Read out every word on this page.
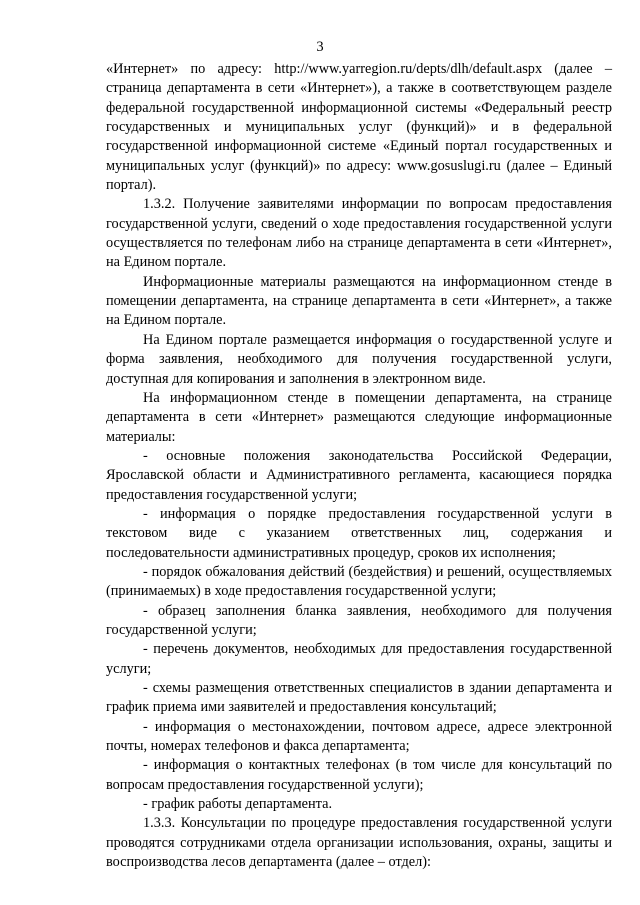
3

«Интернет» по адресу: http://www.yarregion.ru/depts/dlh/default.aspx (далее – страница департамента в сети «Интернет»), а также в соответствующем разделе федеральной государственной информационной системы «Федеральный реестр государственных и муниципальных услуг (функций)» и в федеральной государственной информационной системе «Единый портал государственных и муниципальных услуг (функций)» по адресу: www.gosuslugi.ru (далее – Единый портал).

1.3.2. Получение заявителями информации по вопросам предоставления государственной услуги, сведений о ходе предоставления государственной услуги осуществляется по телефонам либо на странице департамента в сети «Интернет», на Едином портале.

Информационные материалы размещаются на информационном стенде в помещении департамента, на странице департамента в сети «Интернет», а также на Едином портале.

На Едином портале размещается информация о государственной услуге и форма заявления, необходимого для получения государственной услуги, доступная для копирования и заполнения в электронном виде.

На информационном стенде в помещении департамента, на странице департамента в сети «Интернет» размещаются следующие информационные материалы:

- основные положения законодательства Российской Федерации, Ярославской области и Административного регламента, касающиеся порядка предоставления государственной услуги;

- информация о порядке предоставления государственной услуги в текстовом виде с указанием ответственных лиц, содержания и последовательности административных процедур, сроков их исполнения;

- порядок обжалования действий (бездействия) и решений, осуществляемых (принимаемых) в ходе предоставления государственной услуги;

- образец заполнения бланка заявления, необходимого для получения государственной услуги;

- перечень документов, необходимых для предоставления государственной услуги;

- схемы размещения ответственных специалистов в здании департамента и график приема ими заявителей и предоставления консультаций;

- информация о местонахождении, почтовом адресе, адресе электронной почты, номерах телефонов и факса департамента;

- информация о контактных телефонах (в том числе для консультаций по вопросам предоставления государственной услуги);

- график работы департамента.

1.3.3. Консультации по процедуре предоставления государственной услуги проводятся сотрудниками отдела организации использования, охраны, защиты и воспроизводства лесов департамента (далее – отдел):
